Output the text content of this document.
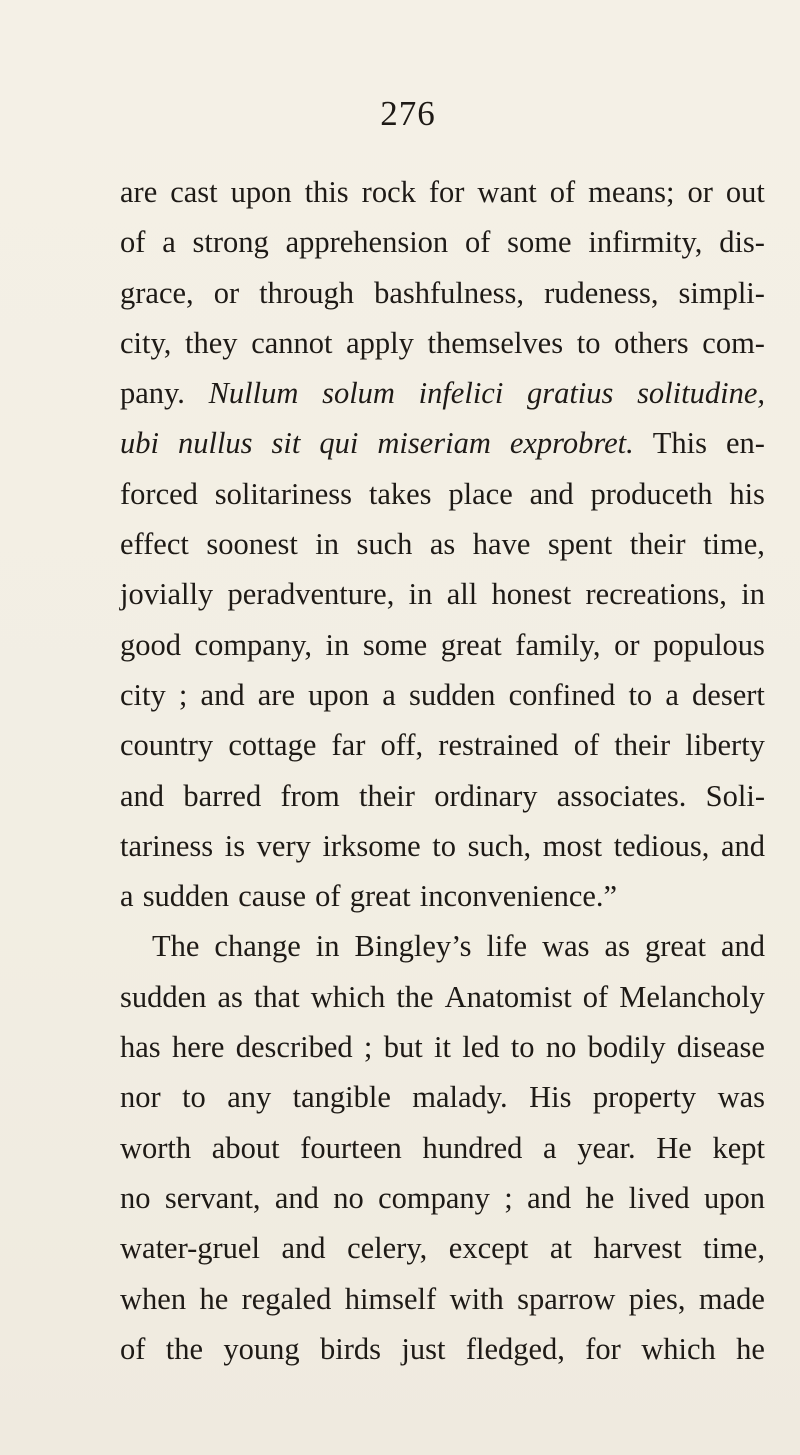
276
are cast upon this rock for want of means; or out
of a strong apprehension of some infirmity, dis-
grace, or through bashfulness, rudeness, simpli-
city, they cannot apply themselves to others com-
pany. Nullum solum infelici gratius solitudine,
ubi nullus sit qui miseriam exprobret. This en-
forced solitariness takes place and produceth his
effect soonest in such as have spent their time,
jovially peradventure, in all honest recreations, in
good company, in some great family, or populous
city ; and are upon a sudden confined to a desert
country cottage far off, restrained of their liberty
and barred from their ordinary associates. Soli-
tariness is very irksome to such, most tedious, and
a sudden cause of great inconvenience.”
The change in Bingley’s life was as great and
sudden as that which the Anatomist of Melancholy
has here described ; but it led to no bodily disease
nor to any tangible malady. His property was
worth about fourteen hundred a year. He kept
no servant, and no company ; and he lived upon
water-gruel and celery, except at harvest time,
when he regaled himself with sparrow pies, made
of the young birds just fledged, for which he
